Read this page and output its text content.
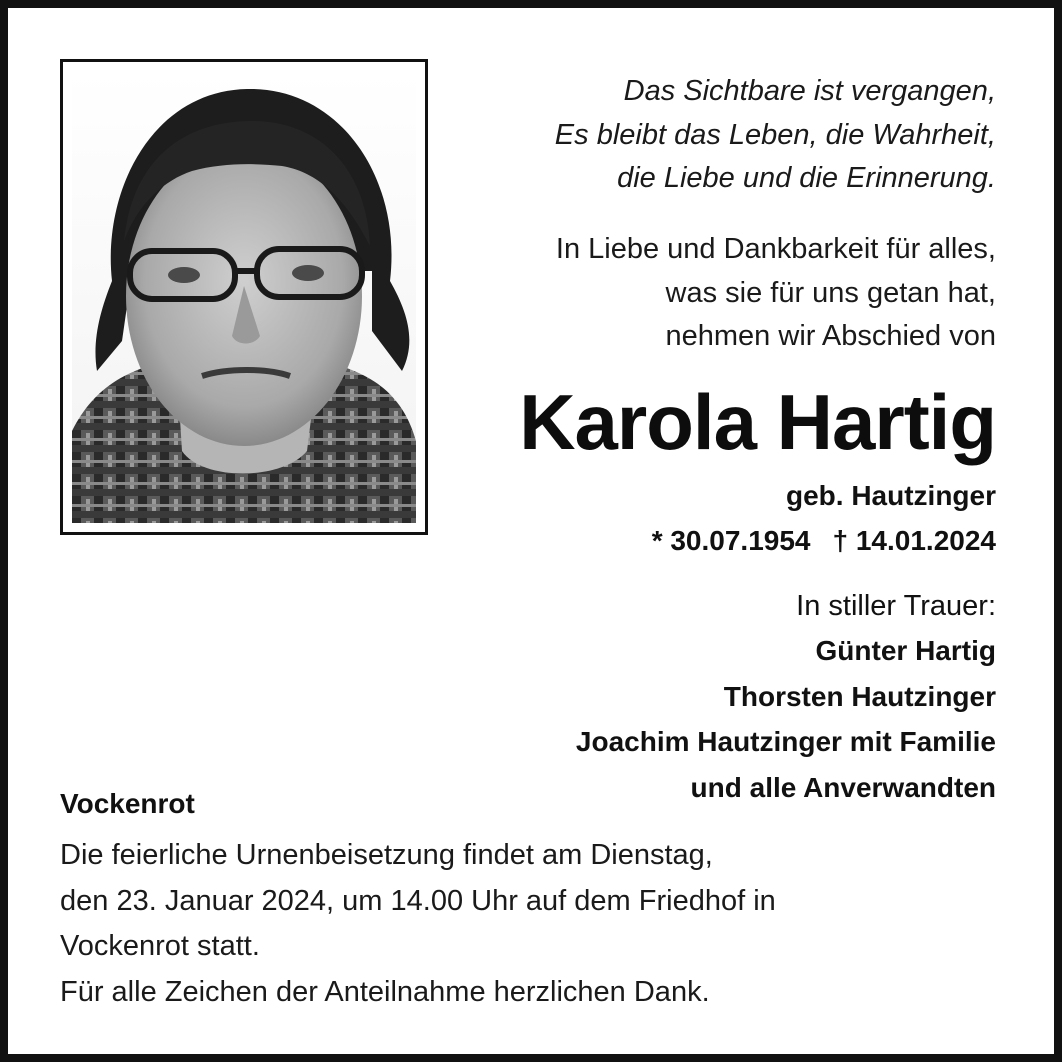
Das Sichtbare ist vergangen,
Es bleibt das Leben, die Wahrheit,
die Liebe und die Erinnerung.
In Liebe und Dankbarkeit für alles,
was sie für uns getan hat,
nehmen wir Abschied von
Karola Hartig
geb. Hautzinger
* 30.07.1954 † 14.01.2024
In stiller Trauer:
Günter Hartig
Thorsten Hautzinger
Joachim Hautzinger mit Familie
und alle Anverwandten
Vockenrot
Die feierliche Urnenbeisetzung findet am Dienstag,
den 23. Januar 2024, um 14.00 Uhr auf dem Friedhof in
Vockenrot statt.
Für alle Zeichen der Anteilnahme herzlichen Dank.
